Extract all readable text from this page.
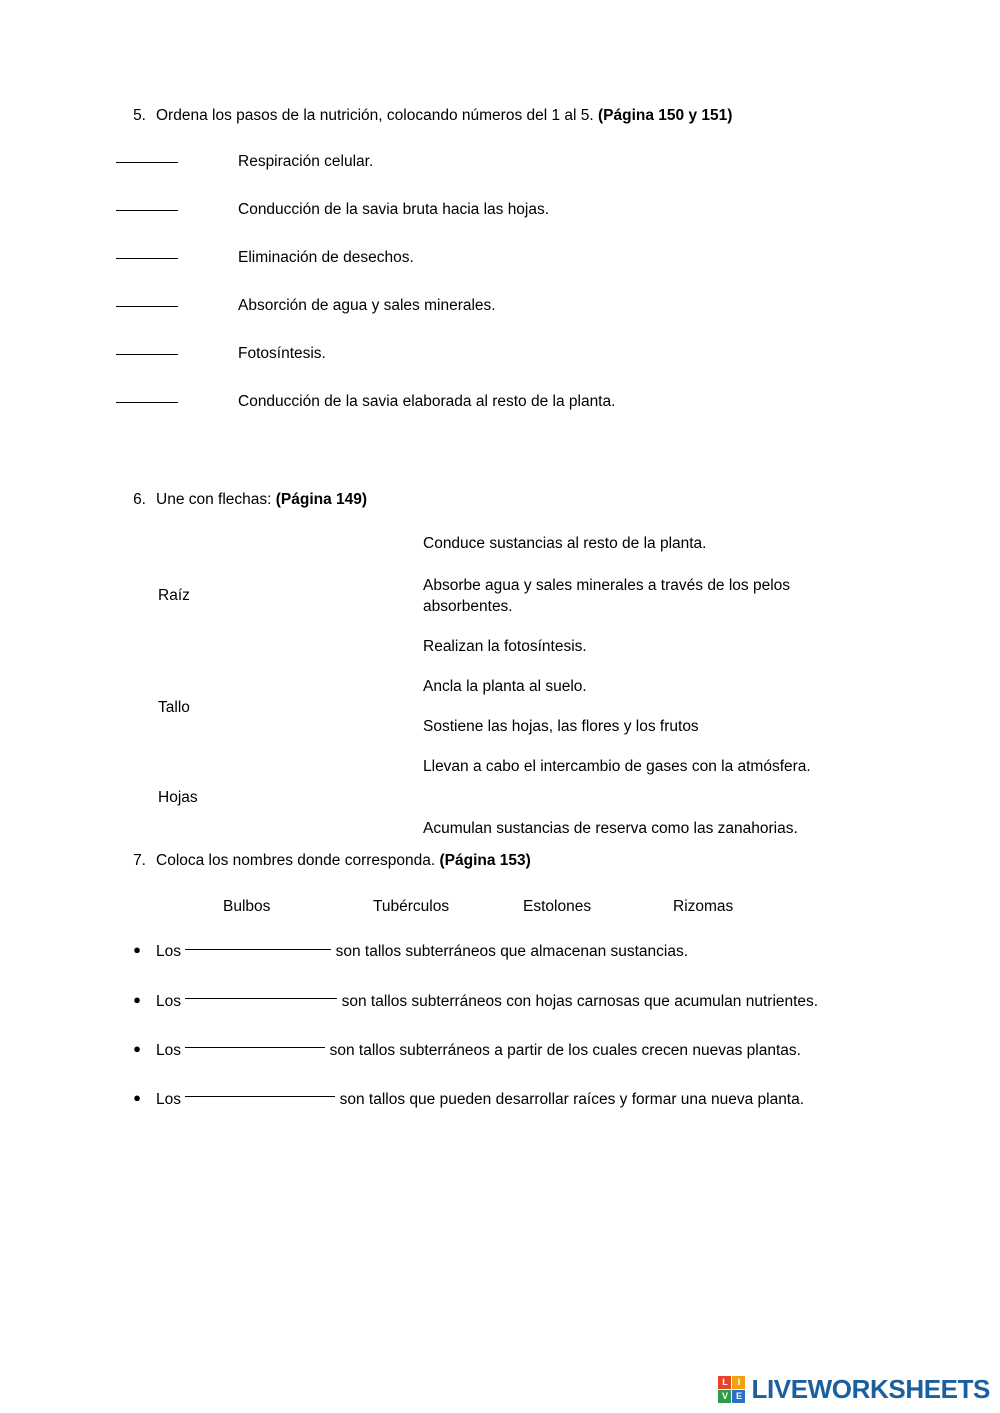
5. Ordena los pasos de la nutrición, colocando números del 1 al 5. (Página 150 y 151)
Respiración celular.
Conducción de la savia bruta hacia las hojas.
Eliminación de desechos.
Absorción de agua y sales minerales.
Fotosíntesis.
Conducción de la savia elaborada al resto de la planta.
6. Une con flechas: (Página 149)
Raíz
Tallo
Hojas
Conduce sustancias al resto de la planta.
Absorbe agua y sales minerales a través de los pelos absorbentes.
Realizan la fotosíntesis.
Ancla la planta al suelo.
Sostiene las hojas, las flores y los frutos
Llevan a cabo el intercambio de gases con la atmósfera.
Acumulan sustancias de reserva como las zanahorias.
7. Coloca los nombres donde corresponda. (Página 153)
Bulbos	Tubérculos	Estolones	Rizomas
● Los	son tallos subterráneos que almacenan sustancias.
● Los	son tallos subterráneos con hojas carnosas que acumulan nutrientes.
● Los	son tallos subterráneos a partir de los cuales crecen nuevas plantas.
● Los	son tallos que pueden desarrollar raíces y formar una nueva planta.
L	I
V E LIVEWORKSHEETS
